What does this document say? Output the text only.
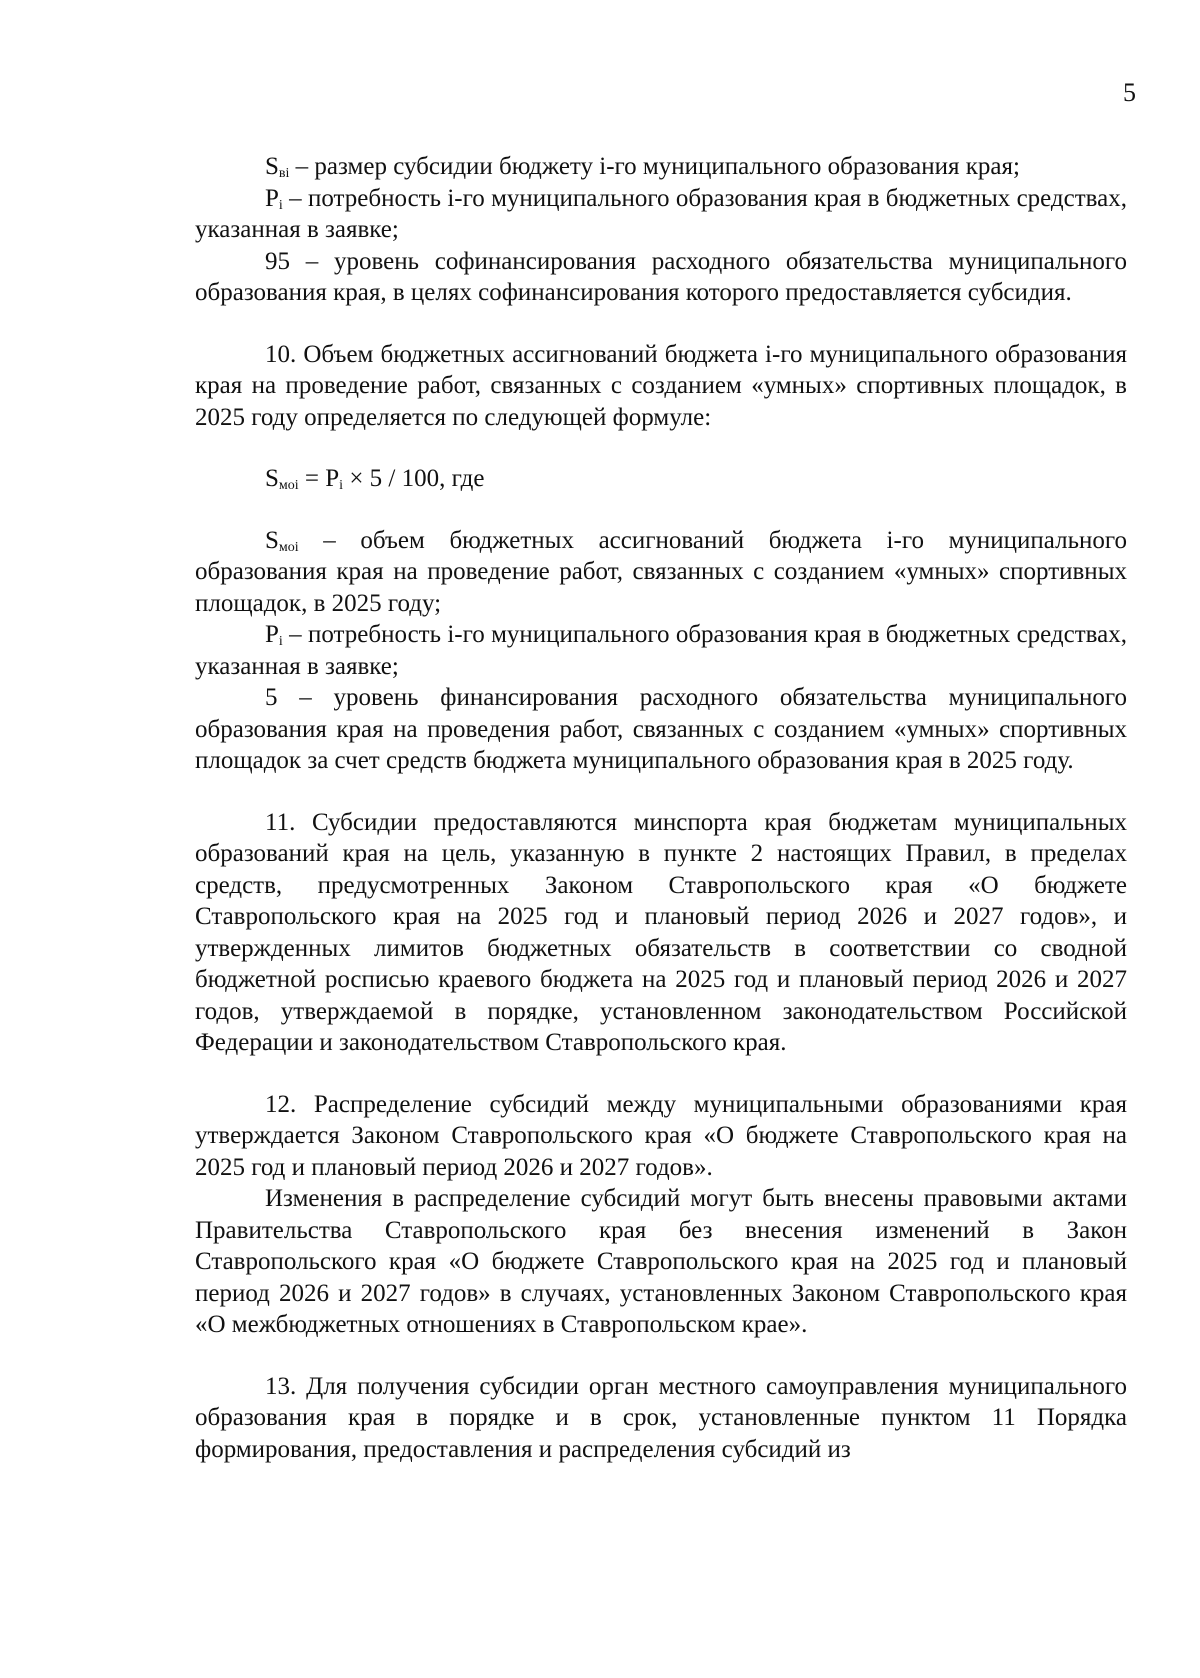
5

$S_{вi}$ – размер субсидии бюджету i-го муниципального образования края;

$P_i$ – потребность i-го муниципального образования края в бюджетных средствах, указанная в заявке;

95 – уровень софинансирования расходного обязательства муниципального образования края, в целях софинансирования которого предоставляется субсидия.

10. Объем бюджетных ассигнований бюджета i-го муниципального образования края на проведение работ, связанных с созданием «умных» спортивных площадок, в 2025 году определяется по следующей формуле:

$S_{моi} = P_i \times 5 / 100$, где

$S_{моi}$ – объем бюджетных ассигнований бюджета i-го муниципального образования края на проведение работ, связанных с созданием «умных» спортивных площадок, в 2025 году;

$P_i$ – потребность i-го муниципального образования края в бюджетных средствах, указанная в заявке;

5 – уровень финансирования расходного обязательства муниципального образования края на проведения работ, связанных с созданием «умных» спортивных площадок за счет средств бюджета муниципального образования края в 2025 году.

11. Субсидии предоставляются минспорта края бюджетам муниципальных образований края на цель, указанную в пункте 2 настоящих Правил, в пределах средств, предусмотренных Законом Ставропольского края «О бюджете Ставропольского края на 2025 год и плановый период 2026 и 2027 годов», и утвержденных лимитов бюджетных обязательств в соответствии со сводной бюджетной росписью краевого бюджета на 2025 год и плановый период 2026 и 2027 годов, утверждаемой в порядке, установленном законодательством Российской Федерации и законодательством Ставропольского края.

12. Распределение субсидий между муниципальными образованиями края утверждается Законом Ставропольского края «О бюджете Ставропольского края на 2025 год и плановый период 2026 и 2027 годов».

Изменения в распределение субсидий могут быть внесены правовыми актами Правительства Ставропольского края без внесения изменений в Закон Ставропольского края «О бюджете Ставропольского края на 2025 год и плановый период 2026 и 2027 годов» в случаях, установленных Законом Ставропольского края «О межбюджетных отношениях в Ставропольском крае».

13. Для получения субсидии орган местного самоуправления муниципального образования края в порядке и в срок, установленные пунктом 11 Порядка формирования, предоставления и распределения субсидий из
